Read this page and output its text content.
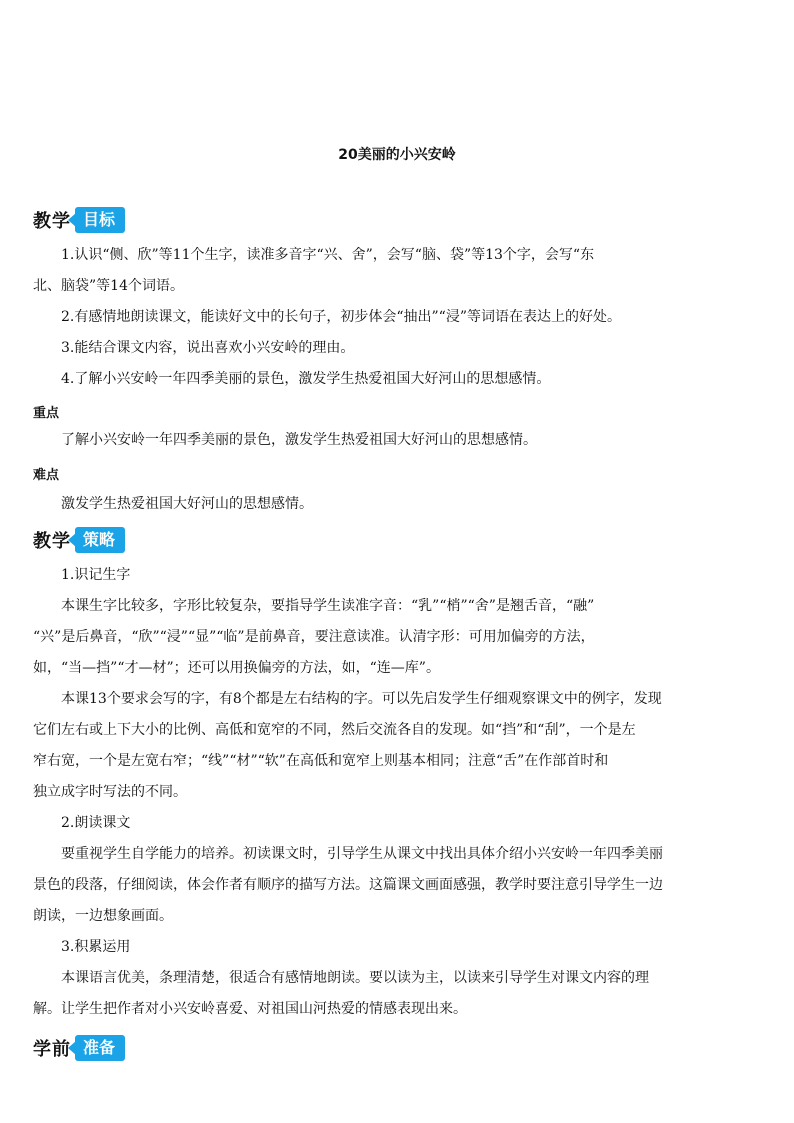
20美丽的小兴安岭
教学 目标
1.认识“侧、欣”等11个生字，读准多音字“兴、舍”，会写“脑、袋”等13个字，会写“东
北、脑袋”等14个词语。
2.有感情地朗读课文，能读好文中的长句子，初步体会“抽出”“浸”等词语在表达上的好处。
3.能结合课文内容，说出喜欢小兴安岭的理由。
4.了解小兴安岭一年四季美丽的景色，激发学生热爱祖国大好河山的思想感情。
重点
了解小兴安岭一年四季美丽的景色，激发学生热爱祖国大好河山的思想感情。
难点
激发学生热爱祖国大好河山的思想感情。
教学 策略
1.识记生字
本课生字比较多，字形比较复杂，要指导学生读准字音：“乳”“梢”“舍”是翘舌音，“融”
“兴”是后鼻音，“欣”“浸”“显”“临”是前鼻音，要注意读准。认清字形：可用加偏旁的方法，
如，“当—挡”“才—材”；还可以用换偏旁的方法，如，“连—库”。
本课13个要求会写的字，有8个都是左右结构的字。可以先启发学生仔细观察课文中的例字，发现
它们左右或上下大小的比例、高低和宽窄的不同，然后交流各自的发现。如“挡”和“刮”，一个是左
窄右宽，一个是左宽右窄；“线”“材”“软”在高低和宽窄上则基本相同；注意“舌”在作部首时和
独立成字时写法的不同。
2.朗读课文
要重视学生自学能力的培养。初读课文时，引导学生从课文中找出具体介绍小兴安岭一年四季美丽
景色的段落，仔细阅读，体会作者有顺序的描写方法。这篇课文画面感强，教学时要注意引导学生一边
朗读，一边想象画面。
3.积累运用
本课语言优美，条理清楚，很适合有感情地朗读。要以读为主，以读来引导学生对课文内容的理
解。让学生把作者对小兴安岭喜爱、对祖国山河热爱的情感表现出来。
学前 准备
